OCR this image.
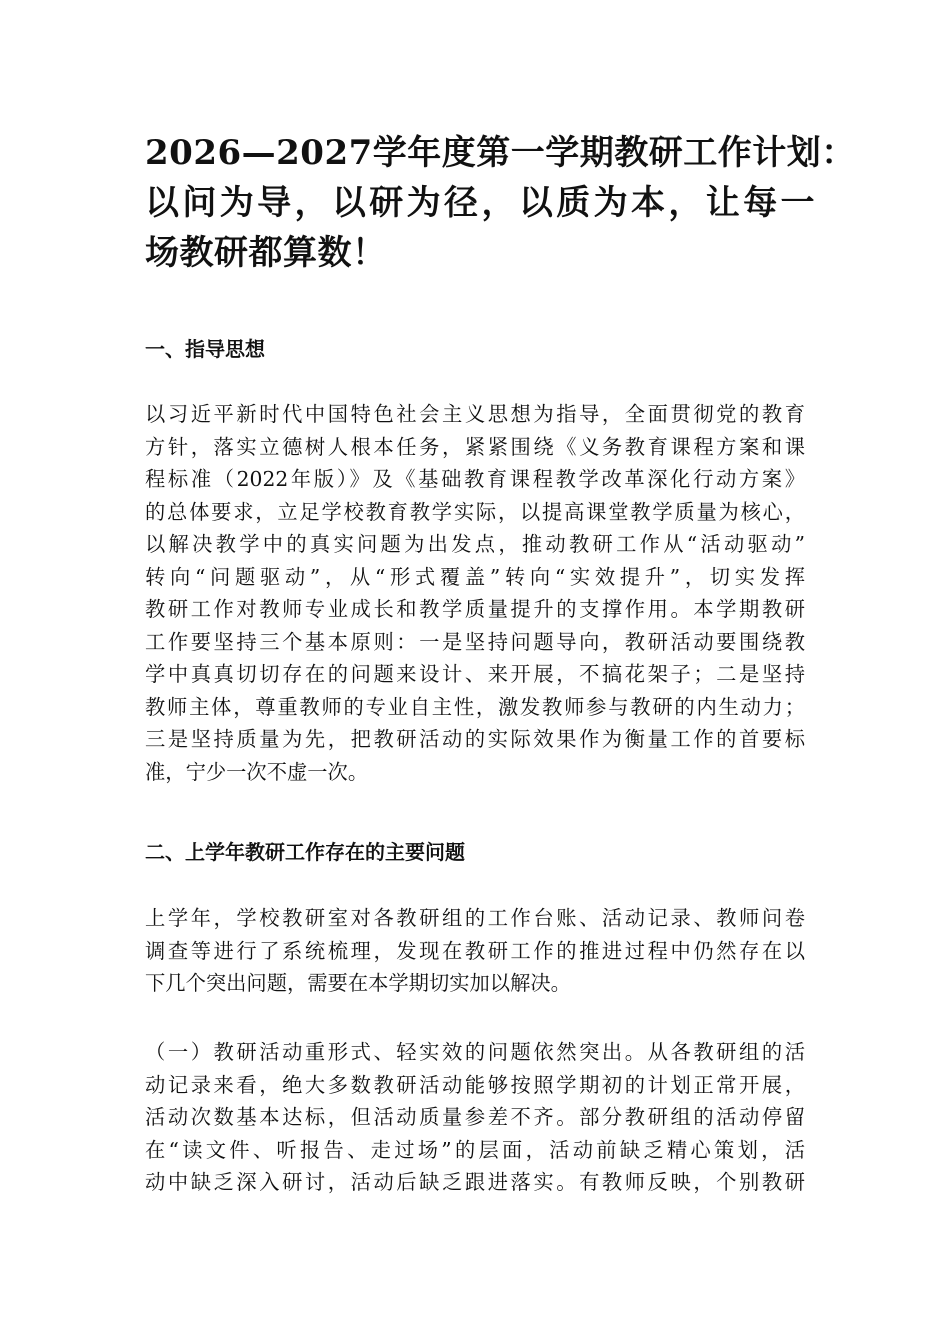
2026—2027学年度第一学期教研工作计划：
以问为导，以研为径，以质为本，让每一
场教研都算数！
一、指导思想

以习近平新时代中国特色社会主义思想为指导，全面贯彻党的教育
方针，落实立德树人根本任务，紧紧围绕《义务教育课程方案和课
程标准（2022年版）》及《基础教育课程教学改革深化行动方案》
的总体要求，立足学校教育教学实际，以提高课堂教学质量为核心，
以解决教学中的真实问题为出发点，推动教研工作从“活动驱动”
转向“问题驱动”，从“形式覆盖”转向“实效提升”，切实发挥
教研工作对教师专业成长和教学质量提升的支撑作用。本学期教研
工作要坚持三个基本原则：一是坚持问题导向，教研活动要围绕教
学中真真切切存在的问题来设计、来开展，不搞花架子；二是坚持
教师主体，尊重教师的专业自主性，激发教师参与教研的内生动力；
三是坚持质量为先，把教研活动的实际效果作为衡量工作的首要标
准，宁少一次不虚一次。

二、上学年教研工作存在的主要问题

上学年，学校教研室对各教研组的工作台账、活动记录、教师问卷
调查等进行了系统梳理，发现在教研工作的推进过程中仍然存在以
下几个突出问题，需要在本学期切实加以解决。

（一）教研活动重形式、轻实效的问题依然突出。从各教研组的活
动记录来看，绝大多数教研活动能够按照学期初的计划正常开展，
活动次数基本达标，但活动质量参差不齐。部分教研组的活动停留
在“读文件、听报告、走过场”的层面，活动前缺乏精心策划，活
动中缺乏深入研讨，活动后缺乏跟进落实。有教师反映，个别教研
